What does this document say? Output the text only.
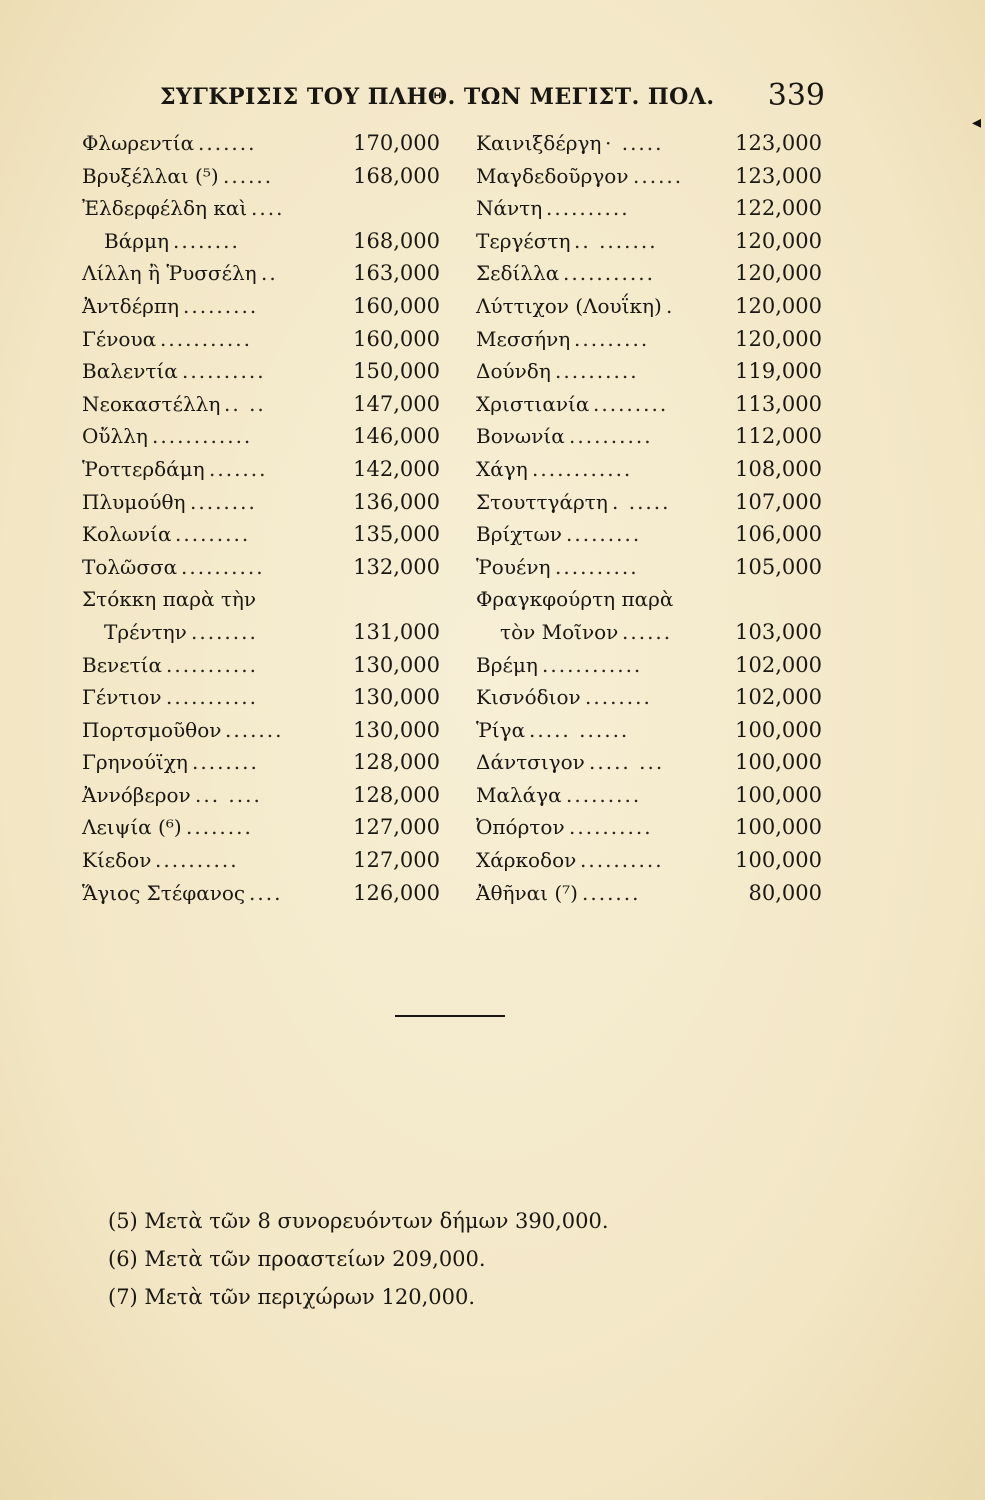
ΣΥΓΚΡΙΣΙΣ ΤΟΥ ΠΛΗΘ. ΤΩΝ ΜΕΓΙΣΤ. ΠΟΛ. 339
◂
Φλωρεντία .......	170,000
Βρυξέλλαι (⁵) ......	168,000
Ἐλδερφέλδη καὶ ....
Βάρμη ........	168,000
Λίλλη ἢ Ῥυσσέλη ..	163,000
Ἀντδέρπη .........	160,000
Γένουα ...........	160,000
Βαλεντία ..........	150,000
Νεοκαστέλλη .. ..	147,000
Οὔλλη ............	146,000
Ῥοττερδάμη .......	142,000
Πλυμούθη ........	136,000
Κολωνία .........	135,000
Τολῶσσα ..........	132,000
Στόκκη παρὰ τὴν
Τρέντην ........	131,000
Βενετία ...........	130,000
Γέντιον ...........	130,000
Πορτσμοῦθον .......	130,000
Γρηνούϊχη ........	128,000
Ἀννόβερον ... ....	128,000
Λειψία (⁶) ........	127,000
Κίεδον ..........	127,000
Ἅγιος Στέφανος ....	126,000
Καινιξδέργη · .....	123,000
Μαγδεδοῦργον ...... 123,000
Νάντη ..........	122,000
Τεργέστη .. .......	120,000
Σεδίλλα ...........	120,000
Λύττιχον (Λουΐκη) .	120,000
Μεσσήνη .........	120,000
Δούνδη ..........	119,000
Χριστιανία .........	113,000
Βονωνία ..........	112,000
Χάγη ............	108,000
Στουττγάρτη . .....	107,000
Βρίχτων .........	106,000
Ῥουένη ..........	105,000
Φραγκφούρτη παρὰ
τὸν Μοῖνον ......	103,000
Βρέμη ............	102,000
Κισνόδιον ........	102,000
Ῥίγα ..... ......	100,000
Δάντσιγον ..... ...	100,000
Μαλάγα .........	100,000
Ὀπόρτον ..........	100,000
Χάρκοδον ..........	100,000
Ἀθῆναι (⁷) .......	80,000
(5) Μετὰ τῶν 8 συνορευόντων δήμων 390,000.
(6) Μετὰ τῶν προαστείων 209,000.
(7) Μετὰ τῶν περιχώρων 120,000.
